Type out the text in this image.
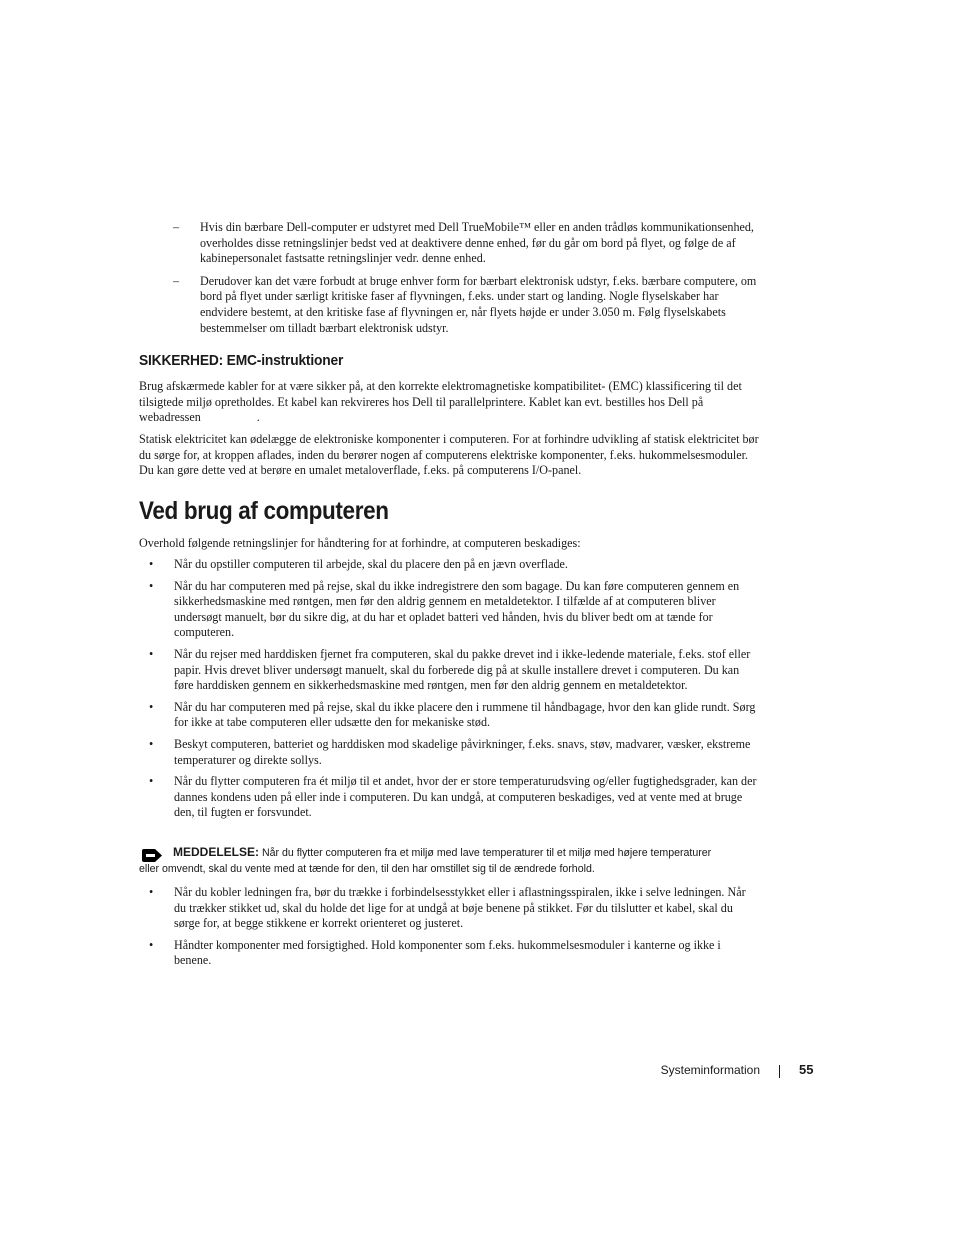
– Hvis din bærbare Dell-computer er udstyret med Dell TrueMobile™ eller en anden trådløs kommunikationsenhed, overholdes disse retningslinjer bedst ved at deaktivere denne enhed, før du går om bord på flyet, og følge de af kabinepersonalet fastsatte retningslinjer vedr. denne enhed.
– Derudover kan det være forbudt at bruge enhver form for bærbart elektronisk udstyr, f.eks. bærbare computere, om bord på flyet under særligt kritiske faser af flyvningen, f.eks. under start og landing. Nogle flyselskaber har endvidere bestemt, at den kritiske fase af flyvningen er, når flyets højde er under 3.050 m. Følg flyselskabets bestemmelser om tilladt bærbart elektronisk udstyr.
SIKKERHED: EMC-instruktioner

Brug afskærmede kabler for at være sikker på, at den korrekte elektromagnetiske kompatibilitet- (EMC) klassificering til det tilsigtede miljø opretholdes. Et kabel kan rekvireres hos Dell til parallelprintere. Kablet kan evt. bestilles hos Dell på webadressen	.

Statisk elektricitet kan ødelægge de elektroniske komponenter i computeren. For at forhindre udvikling af statisk elektricitet bør du sørge for, at kroppen aflades, inden du berører nogen af computerens elektriske komponenter, f.eks. hukommelsesmoduler. Du kan gøre dette ved at berøre en umalet metaloverflade, f.eks. på computerens I/O-panel.

Ved brug af computeren

Overhold følgende retningslinjer for håndtering for at forhindre, at computeren beskadiges:

• Når du opstiller computeren til arbejde, skal du placere den på en jævn overflade.
• Når du har computeren med på rejse, skal du ikke indregistrere den som bagage. Du kan føre computeren gennem en sikkerhedsmaskine med røntgen, men før den aldrig gennem en metaldetektor. I tilfælde af at computeren bliver undersøgt manuelt, bør du sikre dig, at du har et opladet batteri ved hånden, hvis du bliver bedt om at tænde for computeren.
• Når du rejser med harddisken fjernet fra computeren, skal du pakke drevet ind i ikke-ledende materiale, f.eks. stof eller papir. Hvis drevet bliver undersøgt manuelt, skal du forberede dig på at skulle installere drevet i computeren. Du kan føre harddisken gennem en sikkerhedsmaskine med røntgen, men før den aldrig gennem en metaldetektor.
• Når du har computeren med på rejse, skal du ikke placere den i rummene til håndbagage, hvor den kan glide rundt. Sørg for ikke at tabe computeren eller udsætte den for mekaniske stød.
• Beskyt computeren, batteriet og harddisken mod skadelige påvirkninger, f.eks. snavs, støv, madvarer, væsker, ekstreme temperaturer og direkte sollys.
• Når du flytter computeren fra ét miljø til et andet, hvor der er store temperaturudsving og/eller fugtighedsgrader, kan der dannes kondens uden på eller inde i computeren. Du kan undgå, at computeren beskadiges, ved at vente med at bruge den, til fugten er forsvundet.
MEDDELELSE: Når du flytter computeren fra et miljø med lave temperaturer til et miljø med højere temperaturer
eller omvendt, skal du vente med at tænde for den, til den har omstillet sig til de ændrede forhold.
• Når du kobler ledningen fra, bør du trække i forbindelsesstykket eller i aflastningsspiralen, ikke i selve ledningen. Når du trækker stikket ud, skal du holde det lige for at undgå at bøje benene på stikket. Før du tilslutter et kabel, skal du sørge for, at begge stikkene er korrekt orienteret og justeret.
• Håndter komponenter med forsigtighed. Hold komponenter som f.eks. hukommelsesmoduler i kanterne og ikke i benene.
Systeminformation	55
